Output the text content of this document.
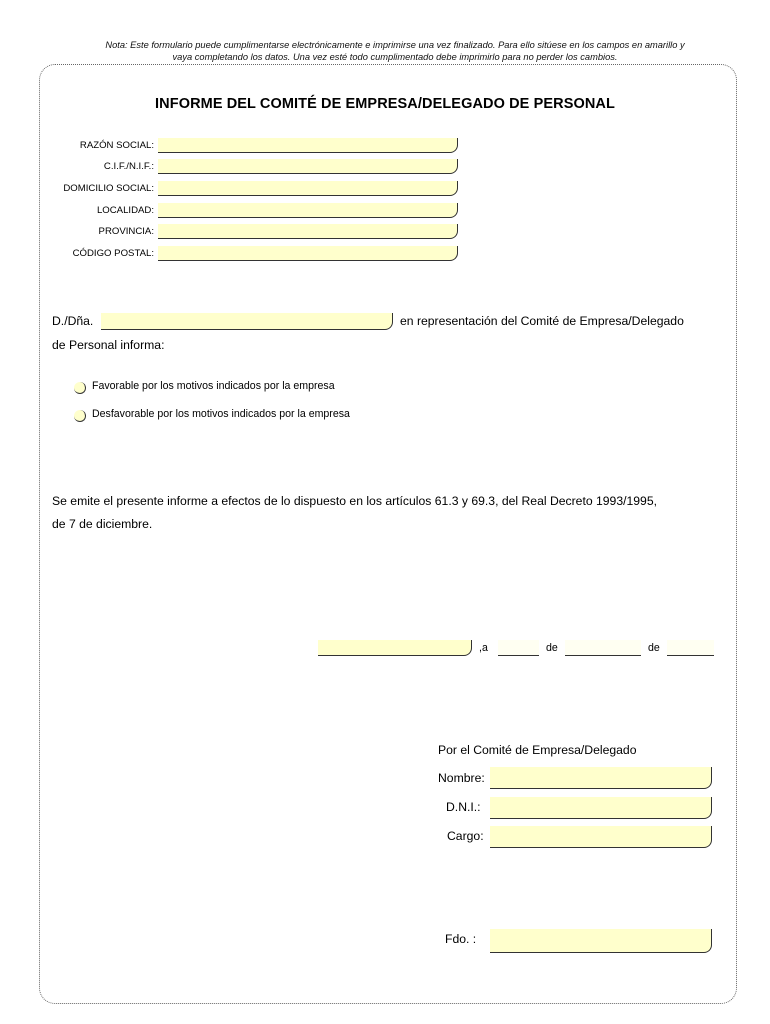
Nota: Este formulario puede cumplimentarse electrónicamente e imprimirse una vez finalizado. Para ello sitúese en los campos en amarillo y
vaya completando los datos. Una vez esté todo cumplimentado debe imprimirlo para no perder los cambios.
INFORME DEL COMITÉ DE EMPRESA/DELEGADO DE PERSONAL
RAZÓN SOCIAL:
C.I.F./N.I.F.:
DOMICILIO SOCIAL:
LOCALIDAD:
PROVINCIA:
CÓDIGO POSTAL:
D./Dña.	en representación del Comité de Empresa/Delegado
de Personal informa:
Favorable por los motivos indicados por la empresa
Desfavorable por los motivos indicados por la empresa
Se emite el presente informe a efectos de lo dispuesto en los artículos 61.3 y 69.3, del Real Decreto 1993/1995,
de 7 de diciembre.
,a	de	de
Por el Comité de Empresa/Delegado
Nombre:
D.N.I.:
Cargo:
Fdo. :
